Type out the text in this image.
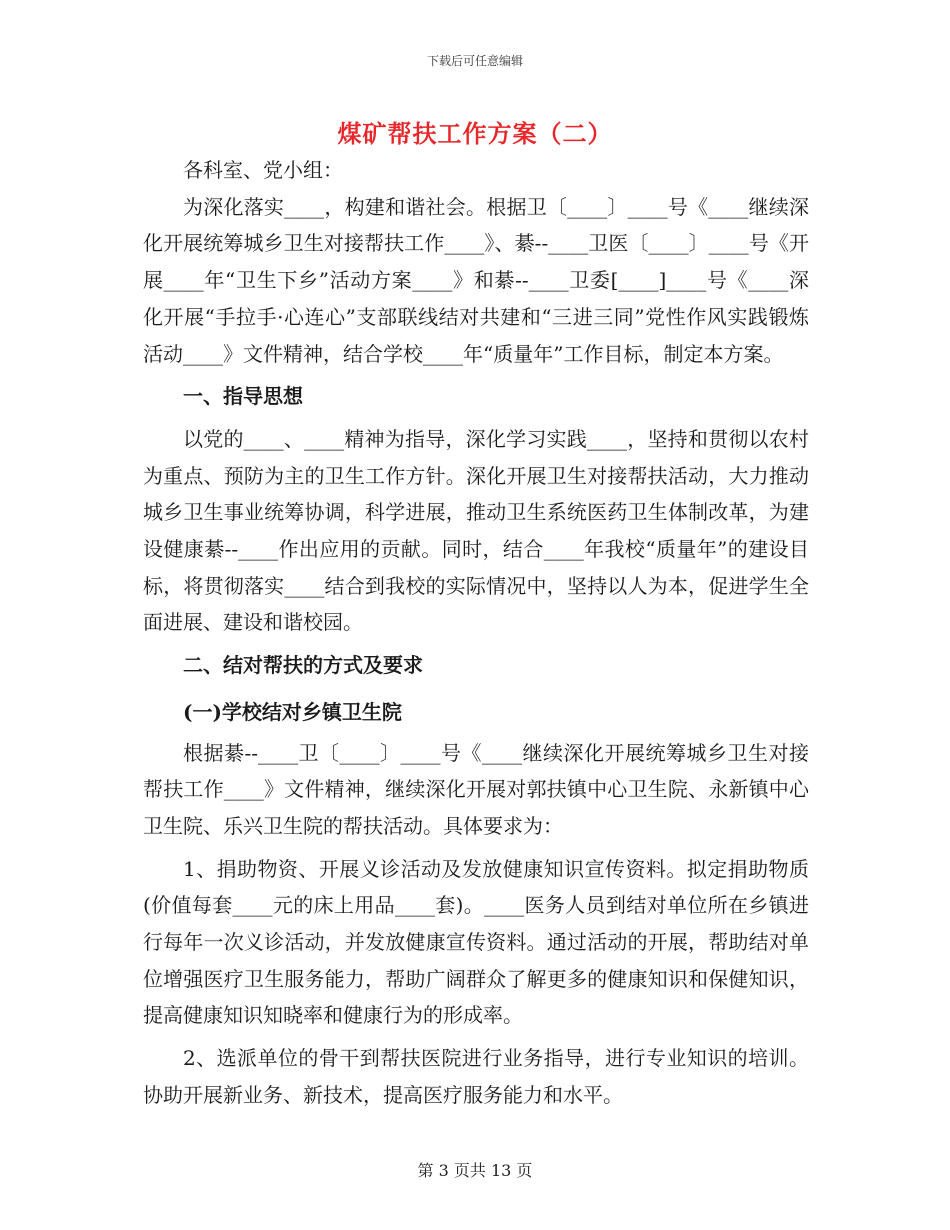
下载后可任意编辑
煤矿帮扶工作方案（二）

各科室、党小组：

为深化落实____，构建和谐社会。根据卫〔____〕____号《____继续深化开展统筹城乡卫生对接帮扶工作____》、綦--____卫医〔____〕____号《开展____年“卫生下乡”活动方案____》和綦--____卫委[____]____号《____深化开展“手拉手·心连心”支部联线结对共建和“三进三同”党性作风实践锻炼活动____》文件精神，结合学校____年“质量年”工作目标，制定本方案。

一、指导思想

以党的____、____精神为指导，深化学习实践____，坚持和贯彻以农村为重点、预防为主的卫生工作方针。深化开展卫生对接帮扶活动，大力推动城乡卫生事业统筹协调，科学进展，推动卫生系统医药卫生体制改革，为建设健康綦--____作出应用的贡献。同时，结合____年我校“质量年”的建设目标，将贯彻落实____结合到我校的实际情况中，坚持以人为本，促进学生全面进展、建设和谐校园。

二、结对帮扶的方式及要求
(一)学校结对乡镇卫生院

根据綦--____卫〔____〕____号《____继续深化开展统筹城乡卫生对接帮扶工作____》文件精神，继续深化开展对郭扶镇中心卫生院、永新镇中心卫生院、乐兴卫生院的帮扶活动。具体要求为：

1、捐助物资、开展义诊活动及发放健康知识宣传资料。拟定捐助物质(价值每套____元的床上用品____套)。____医务人员到结对单位所在乡镇进行每年一次义诊活动，并发放健康宣传资料。通过活动的开展，帮助结对单位增强医疗卫生服务能力，帮助广阔群众了解更多的健康知识和保健知识，提高健康知识知晓率和健康行为的形成率。

2、选派单位的骨干到帮扶医院进行业务指导，进行专业知识的培训。协助开展新业务、新技术，提高医疗服务能力和水平。

第 3 页共 13 页
